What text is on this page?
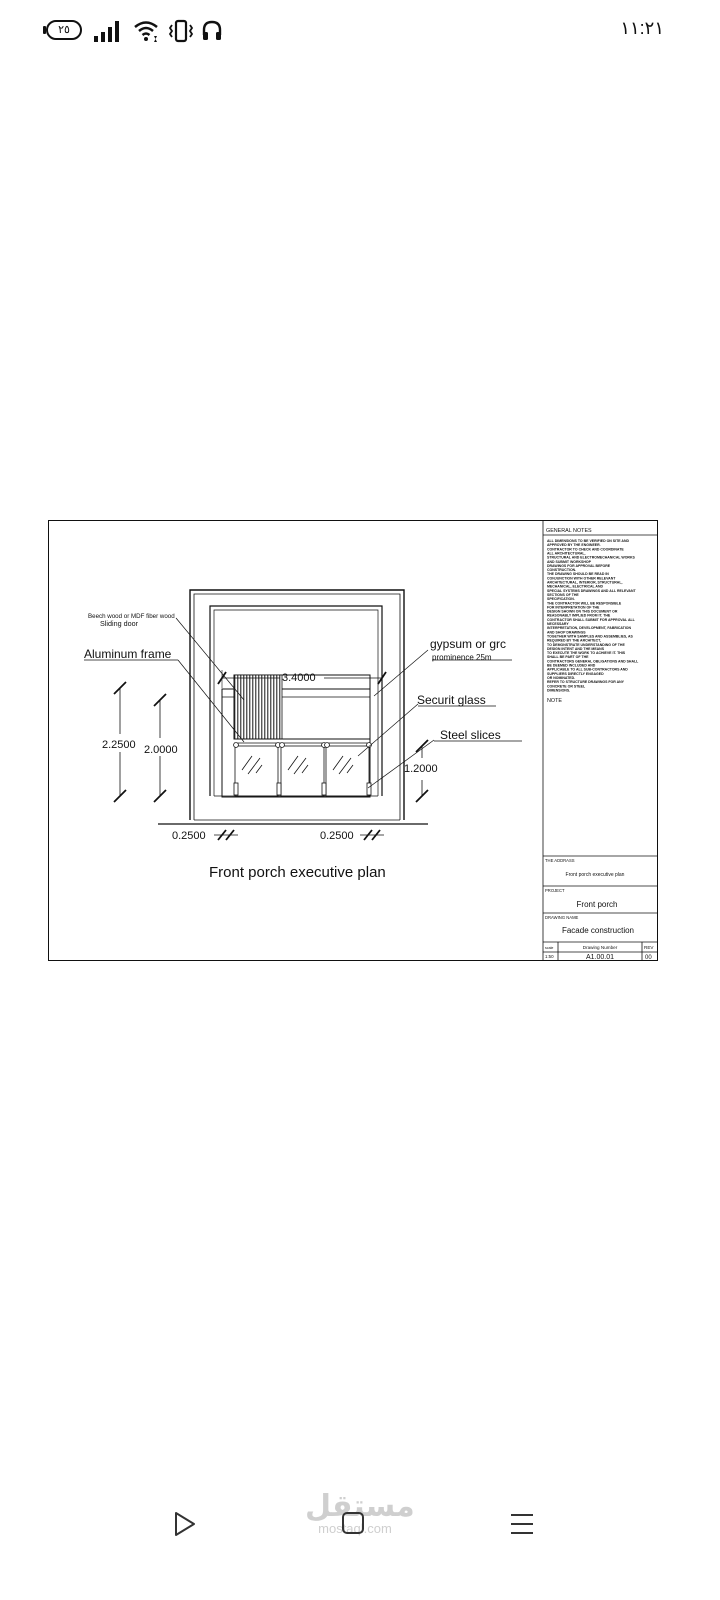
٢٥	١١:٢١
Beech wood or MDF fiber wood
Sliding door
Aluminum frame
gypsum or grc
prominence 25m
Securit glass
Steel slices
3.4000
2.2500 2.0000
1.2000
0.2500	0.2500
Front porch executive plan
GENERAL NOTES
ALL DIMENSIONS TO BE VERIFIED ON SITE AND
APPROVED BY THE ENGINEER.
CONTRACTOR TO CHECK AND COORDINATE
ALL ARCHITECTURAL,
STRUCTURAL AND ELECTROMECHANICAL WORKS
AND SUBMIT WORKSHOP
DRAWINGS FOR APPROVAL BEFORE
CONSTRUCTION.
THE DRAWING SHOULD BE READ IN
CONJUNCTION WITH OTHER RELEVANT
ARCHITECTURAL, INTERIOR, STRUCTURAL,
MECHANICAL, ELECTRICAL AND
SPECIAL SYSTEMS DRAWINGS AND ALL RELEVANT
SECTIONS OF THE
SPECIFICATION.
THE CONTRACTOR WILL BE RESPONSIBLE
FOR INTERPRETATION OF THE
DESIGN SHOWN ON THIS DOCUMENT OR
REASONABLY IMPLIED FROM IT. THE
CONTRACTOR SHALL SUBMIT FOR APPROVAL ALL
NECESSARY
INTERPRETATION, DEVELOPMENT, FABRICATION
AND SHOP DRAWINGS
TOGETHER WITH SAMPLES AND ASSEMBLIES, AS
REQUIRED BY THE ARCHITECT,
TO DEMONSTRATE UNDERSTANDING OF THE
DESIGN INTENT AND THE MEANS
TO EXECUTE THE WORK TO ACHIEVE IT. THIS
SHALL BE PART OF THE
CONTRACTORS GENERAL OBLIGATIONS AND SHALL
BE DEEMED INCLUDED AND
APPLICABLE TO ALL SUB-CONTRACTORS AND
SUPPLIERS DIRECTLY ENGAGED
OR NOMINATED.
REFER TO STRUCTURE DRAWINGS FOR ANY
CONCRETE OR STEEL
DIMENSIONS.
NOTE
THE ADDRASS
Front porch executive plan
PROJECT
Front porch
DRAWING NAME
Facade construction
scale
1:50
Drawing Number
A1.00.01
REV
00
مستقل
mostaql.com
